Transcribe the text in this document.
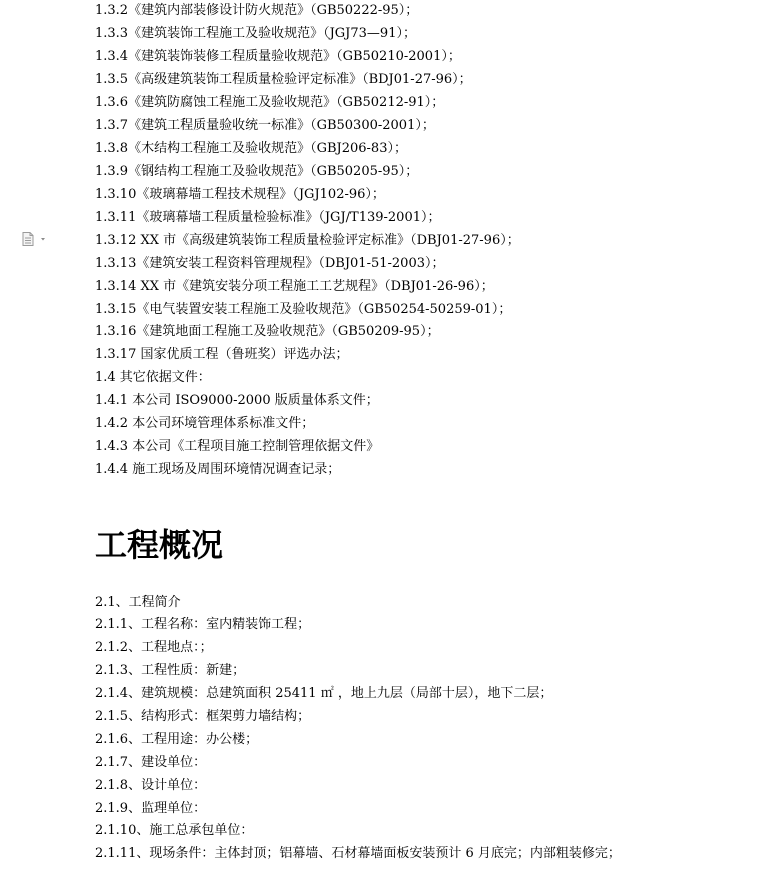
1.3.2《建筑内部装修设计防火规范》（GB50222-95）；
1.3.3《建筑装饰工程施工及验收规范》（JGJ73—91）；
1.3.4《建筑装饰装修工程质量验收规范》（GB50210-2001）；
1.3.5《高级建筑装饰工程质量检验评定标准》（BDJ01-27-96）；
1.3.6《建筑防腐蚀工程施工及验收规范》（GB50212-91）；
1.3.7《建筑工程质量验收统一标准》（GB50300-2001）；
1.3.8《木结构工程施工及验收规范》（GBJ206-83）；
1.3.9《钢结构工程施工及验收规范》（GB50205-95）；
1.3.10《玻璃幕墙工程技术规程》（JGJ102-96）；
1.3.11《玻璃幕墙工程质量检验标准》（JGJ/T139-2001）；
1.3.12 XX 市《高级建筑装饰工程质量检验评定标准》（DBJ01-27-96）；
1.3.13《建筑安装工程资料管理规程》（DBJ01-51-2003）；
1.3.14 XX 市《建筑安装分项工程施工工艺规程》（DBJ01-26-96）；
1.3.15《电气装置安装工程施工及验收规范》（GB50254-50259-01）；
1.3.16《建筑地面工程施工及验收规范》（GB50209-95）；
1.3.17 国家优质工程（鲁班奖）评选办法；
1.4 其它依据文件：
1.4.1 本公司 ISO9000-2000 版质量体系文件；
1.4.2 本公司环境管理体系标准文件；
1.4.3 本公司《工程项目施工控制管理依据文件》
1.4.4 施工现场及周围环境情况调查记录；
工程概况
2.1、工程简介
2.1.1、工程名称：室内精装饰工程；
2.1.2、工程地点：；
2.1.3、工程性质：新建；
2.1.4、建筑规模：总建筑面积 25411 ㎡ ，地上九层（局部十层），地下二层；
2.1.5、结构形式：框架剪力墙结构；
2.1.6、工程用途：办公楼；
2.1.7、建设单位：
2.1.8、设计单位：
2.1.9、监理单位：
2.1.10、施工总承包单位：
2.1.11、现场条件：主体封顶；铝幕墙、石材幕墙面板安装预计 6 月底完；内部粗装修完；
